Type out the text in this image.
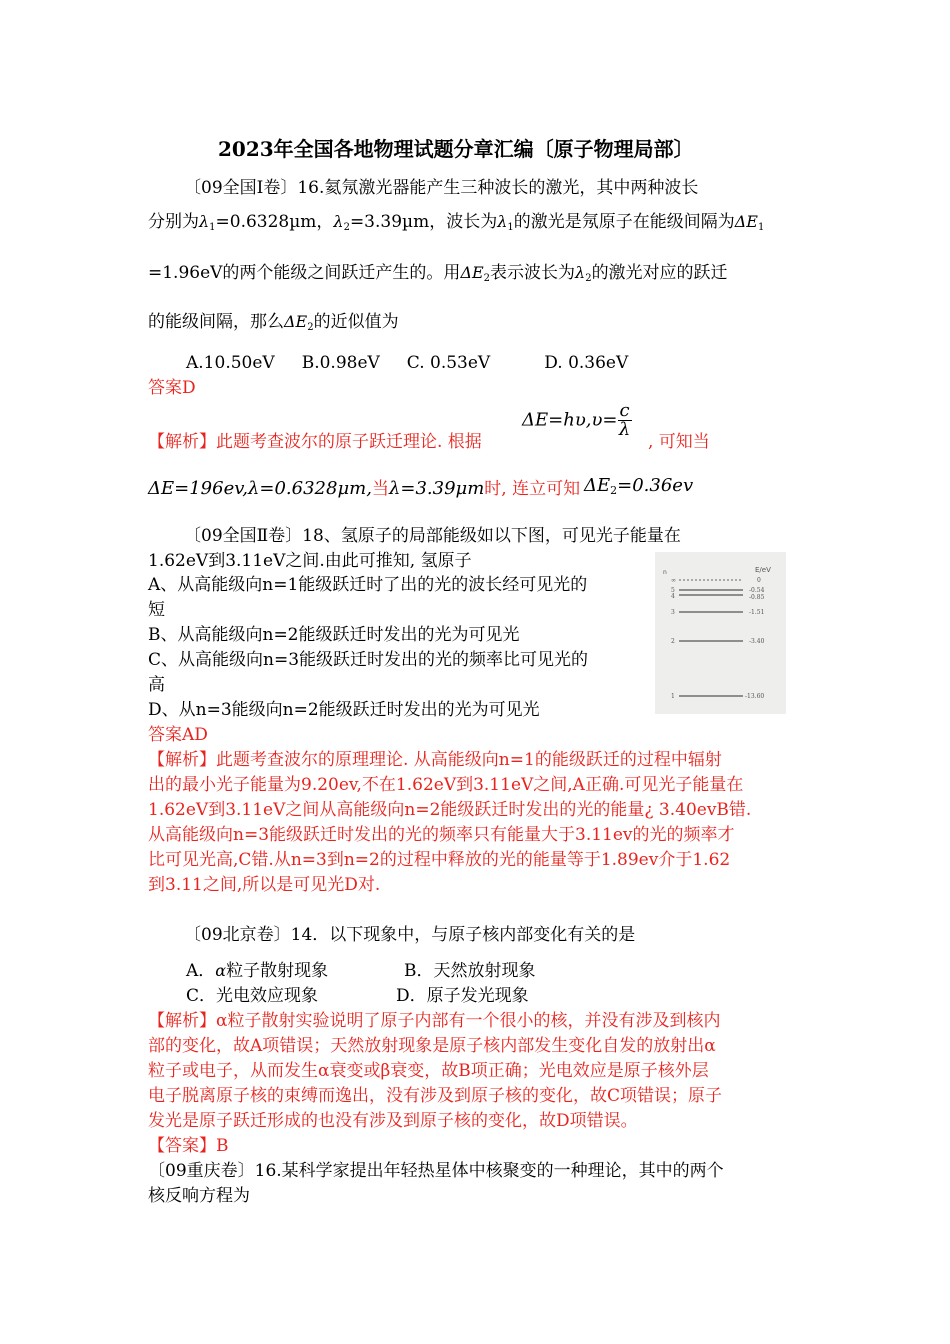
2023年全国各地物理试题分章汇编〔原子物理局部〕
〔09全国Ⅰ卷〕16.氦氖激光器能产生三种波长的激光，其中两种波长
分别为λ1=0.6328µm，λ2=3.39µm，波长为λ1的激光是氖原子在能级间隔为ΔE1
=1.96eV的两个能级之间跃迁产生的。用ΔE2表示波长为λ2的激光对应的跃迁
的能级间隔，那么ΔE2的近似值为
A.10.50eV     B.0.98eV     C. 0.53eV          D. 0.36eV
答案D
【解析】此题考查波尔的原子跃迁理论. 根据
$\Delta E=h\upsilon,\upsilon= \frac{c}{\lambda}$
, 可知当
ΔE=196ev,λ=0.6328μm,当λ=3.39μm时, 连立可知 ΔE2=0.36ev
〔09全国Ⅱ卷〕18、氢原子的局部能级如以下图，可见光子能量在
1.62eV到3.11eV之间.由此可推知, 氢原子
A、从高能级向n=1能级跃迁时了出的光的波长经可见光的
短
B、从高能级向n=2能级跃迁时发出的光为可见光
C、从高能级向n=3能级跃迁时发出的光的频率比可见光的
高
D、从n=3能级向n=2能级跃迁时发出的光为可见光
n	E/eV
∞	0
5	-0.54
4	-0.85
3	-1.51
2	-3.40
1	-13.60
答案AD
【解析】此题考查波尔的原理理论. 从高能级向n=1的能级跃迁的过程中辐射
出的最小光子能量为9.20ev,不在1.62eV到3.11eV之间,A正确.可见光子能量在
1.62eV到3.11eV之间从高能级向n=2能级跃迁时发出的光的能量¿ 3.40evB错.
从高能级向n=3能级跃迁时发出的光的频率只有能量大于3.11ev的光的频率才
比可见光高,C错.从n=3到n=2的过程中释放的光的能量等于1.89ev介于1.62
到3.11之间,所以是可见光D对.
〔09北京卷〕14．以下现象中，与原子核内部变化有关的是
A．α粒子散射现象	B．天然放射现象
C．光电效应现象	D．原子发光现象
【解析】α粒子散射实验说明了原子内部有一个很小的核，并没有涉及到核内
部的变化，故A项错误；天然放射现象是原子核内部发生变化自发的放射出α
粒子或电子，从而发生α衰变或β衰变，故B项正确；光电效应是原子核外层
电子脱离原子核的束缚而逸出，没有涉及到原子核的变化，故C项错误；原子
发光是原子跃迁形成的也没有涉及到原子核的变化，故D项错误。
【答案】B
〔09重庆卷〕16.某科学家提出年轻热星体中核聚变的一种理论，其中的两个
核反响方程为
